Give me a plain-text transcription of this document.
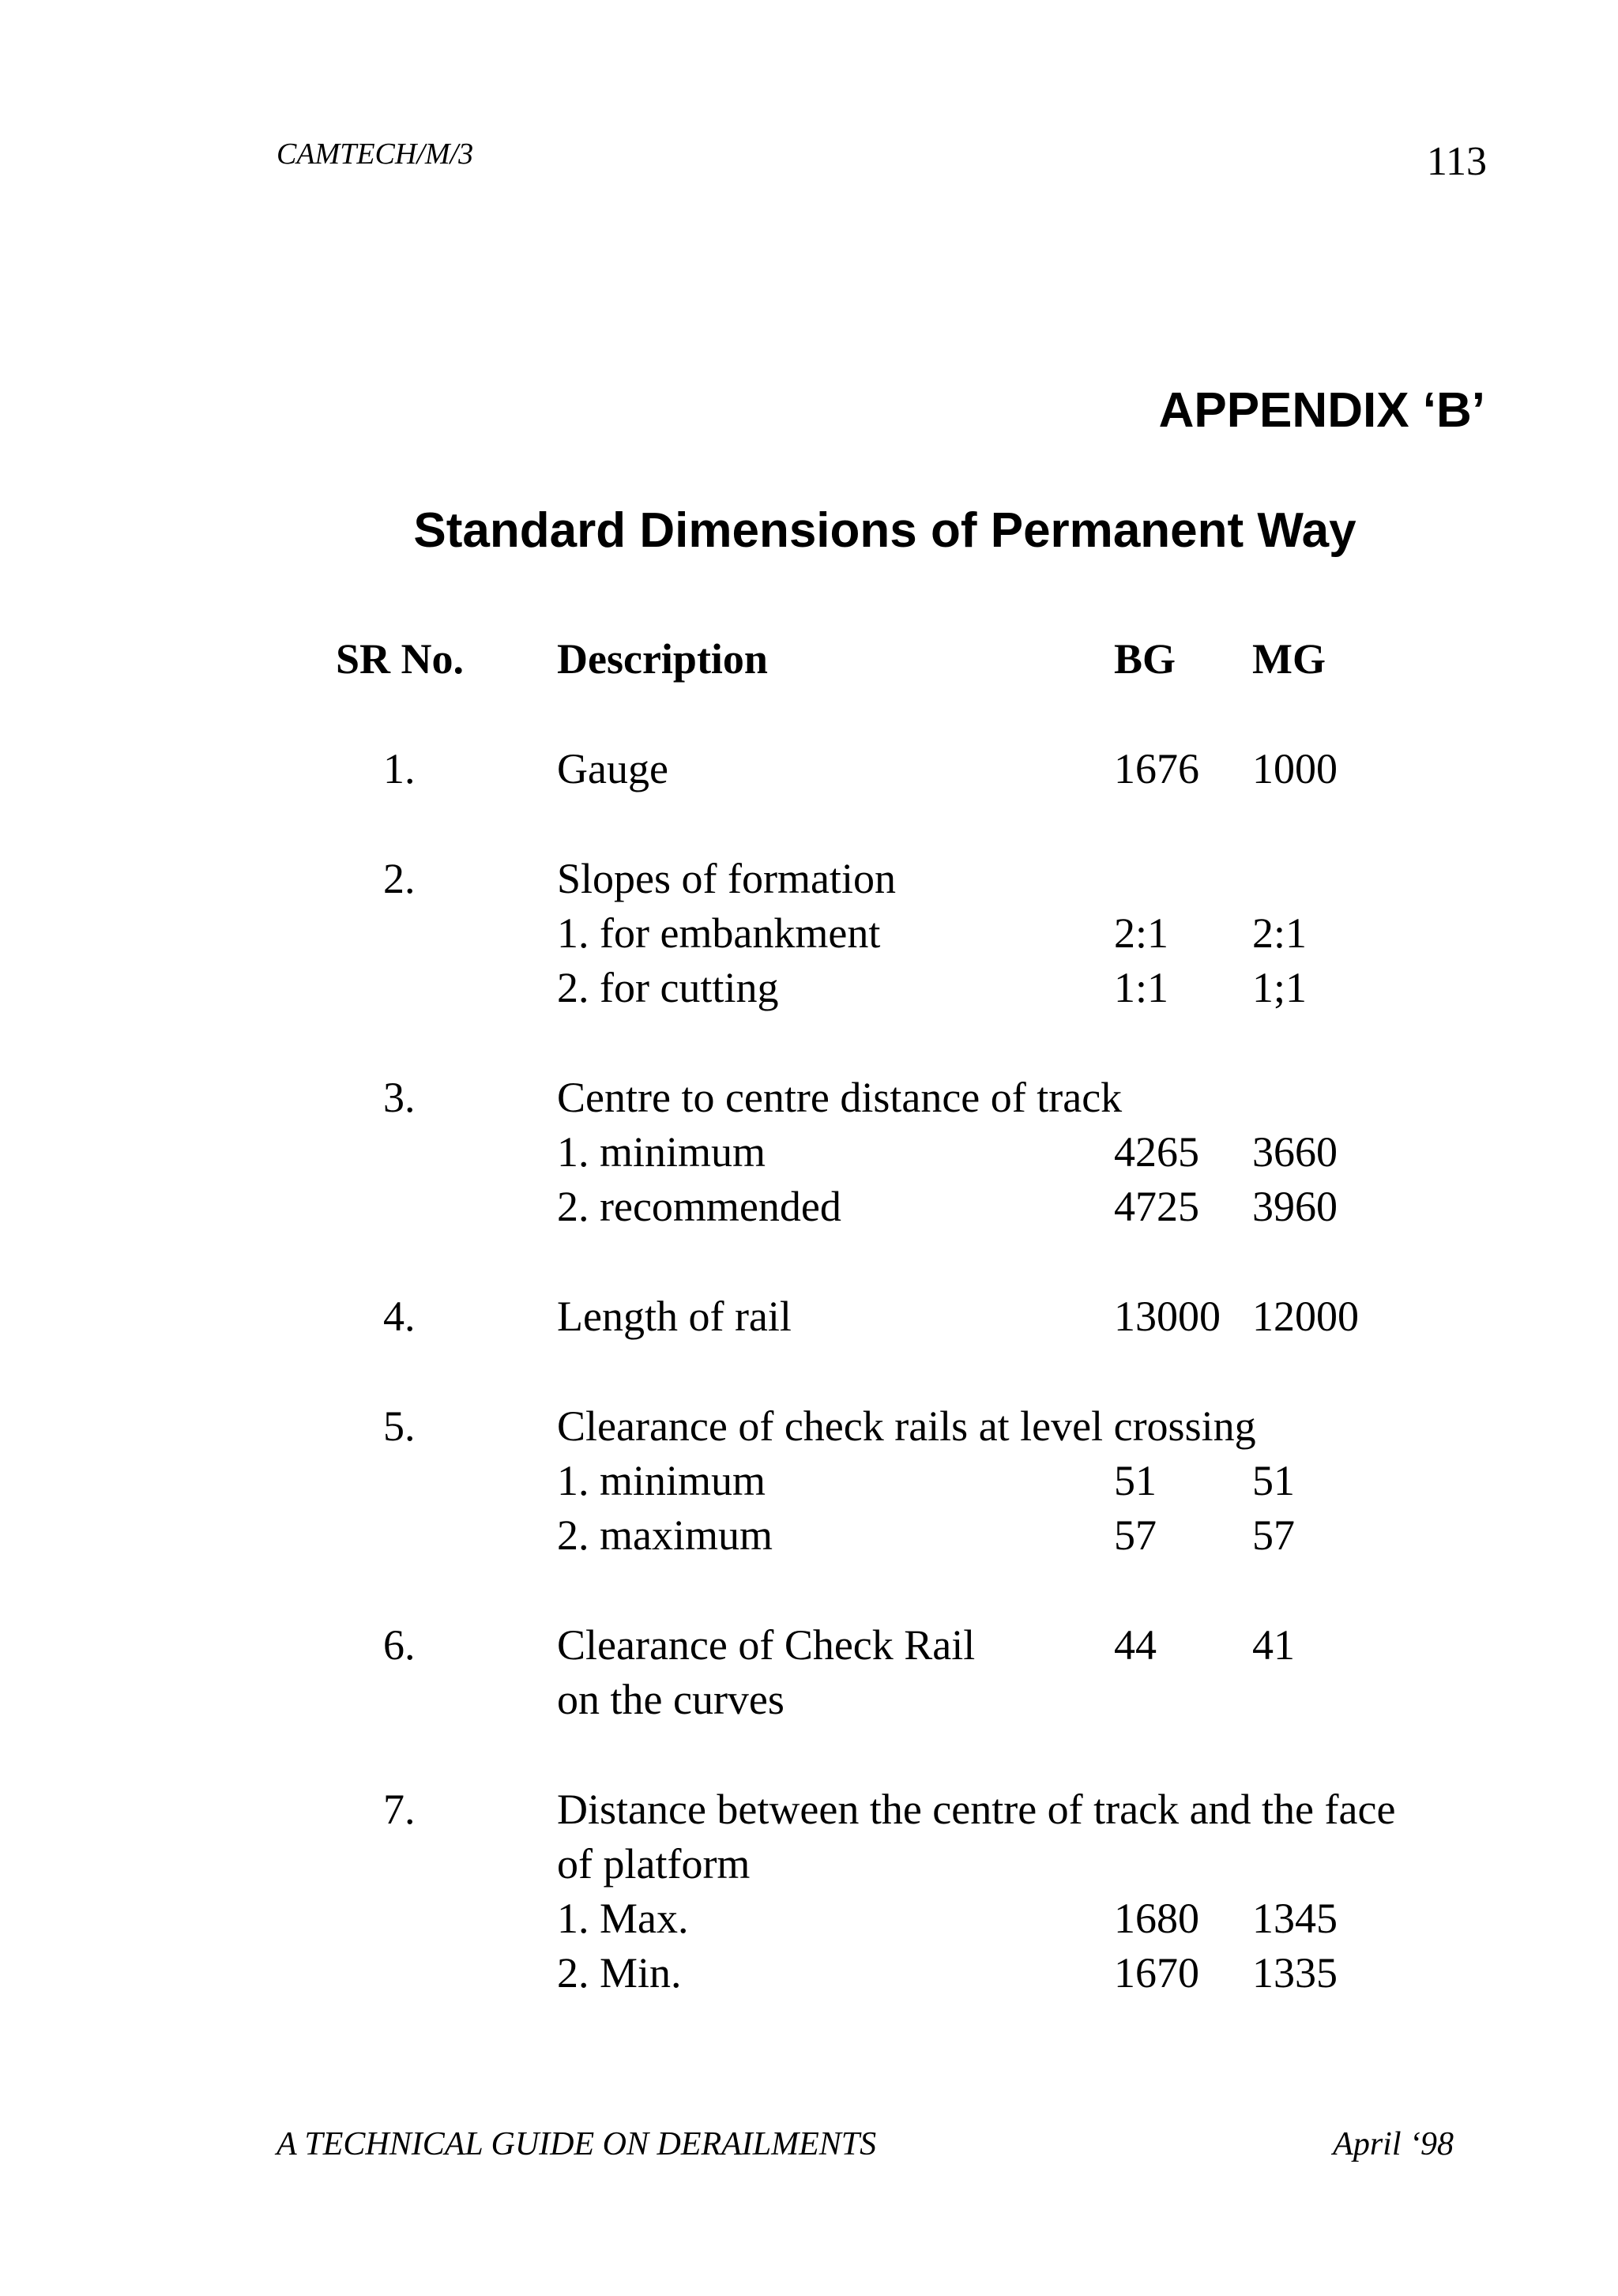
CAMTECH/M/3	113
APPENDIX ‘B’
Standard Dimensions of Permanent Way
SR No. Description	BG MG
1.	Gauge	1676 1000
2.	Slopes of formation
1. for embankment	2:1 2:1
2. for cutting	1:1 1;1
3.	Centre to centre distance of track
1. minimum	4265 3660
2. recommended	4725 3960
4.	Length of rail	13000 12000
5.	Clearance of check rails at level crossing
1. minimum	51 51
2. maximum	57 57
6.	Clearance of Check Rail	44 41
on the curves
7.	Distance between the centre of track and the face
of platform
1. Max.	1680 1345
2. Min.	1670 1335
A TECHNICAL GUIDE ON DERAILMENTS	April ‘98
